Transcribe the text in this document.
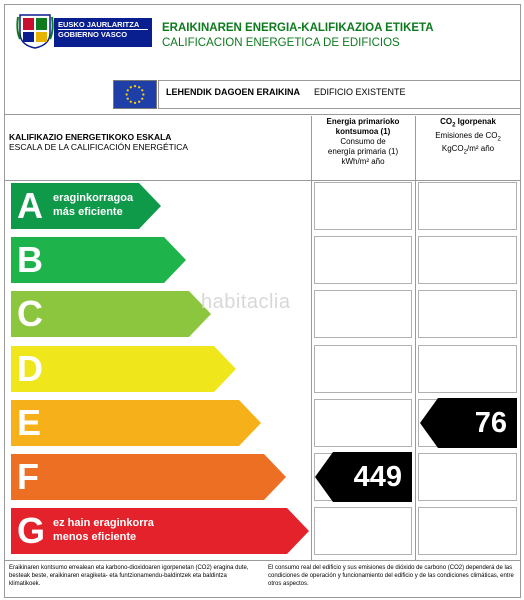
EUSKO JAURLARITZA
GOBIERNO VASCO
ERAIKINAREN ENERGIA-KALIFIKAZIOA ETIKETA
CALIFICACION ENERGETICA DE EDIFICIOS
LEHENDIK DAGOEN ERAIKINA EDIFICIO EXISTENTE
KALIFIKAZIO ENERGETIKOKO ESKALA
ESCALA DE LA CALIFICACIÓN ENERGÉTICA
Energia primarioko
kontsumoa (1)
Consumo de
energía primaria (1)
kWh/m² año
$CO_2$ Igorpenak
Emisiones de $CO_2$
KgCO$_2$/m² año
A eraginkorragoa
más eficiente
B
C
D
E
F
G ez hain eraginkorra
menos eficiente
449
76
habitaclia
Eraikinaren kontsumo errealean eta karbono-dioxidoaren igorpenetan (CO2) eragina dute, besteak beste, eraikinaren eragiketa- eta funtzionamendu-baldintzek eta baldintza klimatikoek.
El consumo real del edificio y sus emisiones de dióxido de carbono (CO2) dependerá de las condiciones de operación y funcionamiento del edificio y de las condiciones climáticas, entre otros aspectos.
